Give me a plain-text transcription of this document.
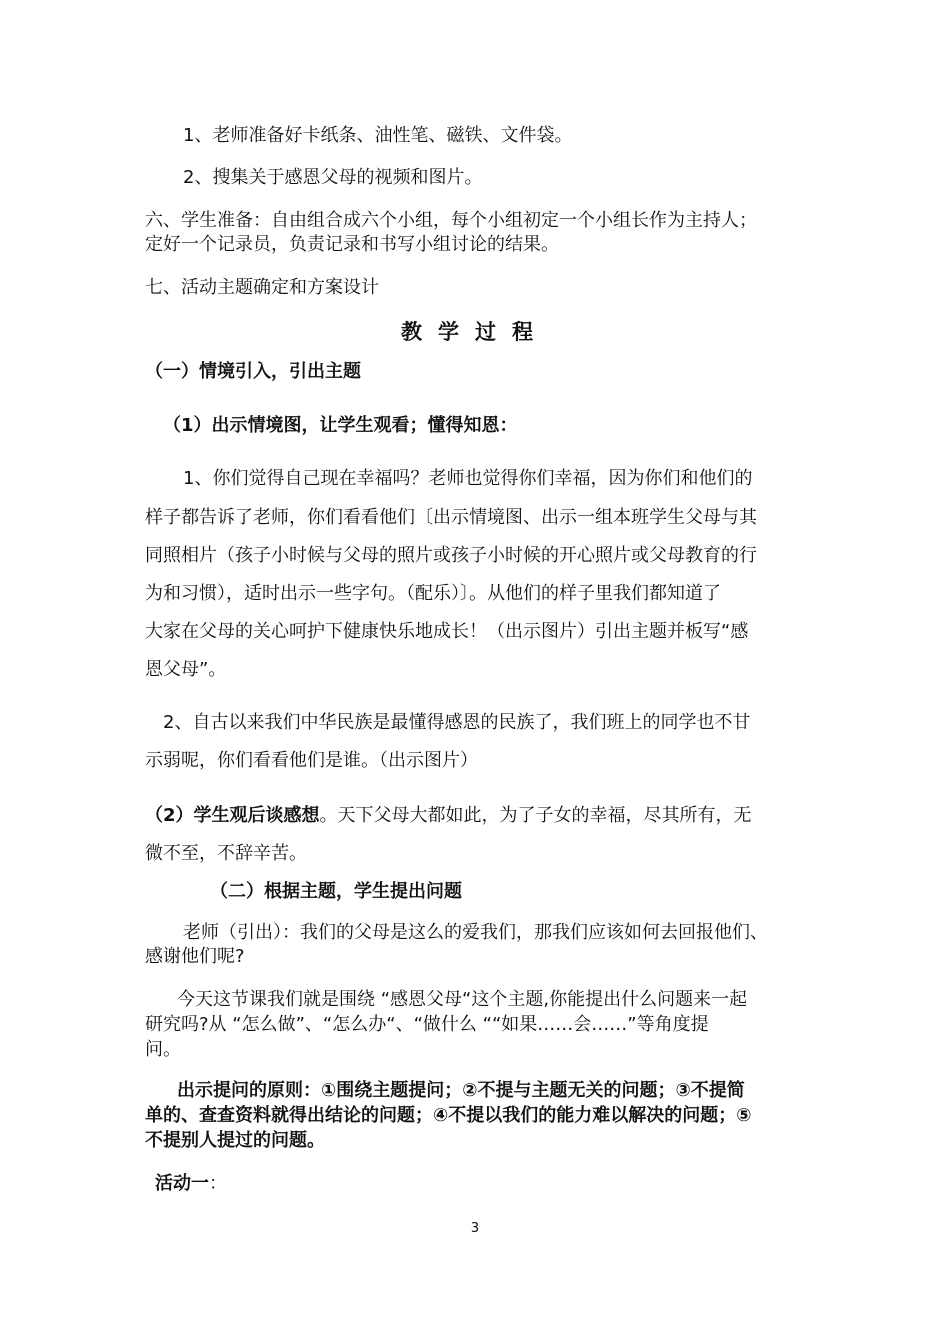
1、老师准备好卡纸条、油性笔、磁铁、文件袋。
2、搜集关于感恩父母的视频和图片。
六、学生准备：自由组合成六个小组，每个小组初定一个小组长作为主持人；
定好一个记录员，负责记录和书写小组讨论的结果。
七、活动主题确定和方案设计
教学过程
（一）情境引入，引出主题
（1）出示情境图，让学生观看；懂得知恩：
1、你们觉得自己现在幸福吗？老师也觉得你们幸福，因为你们和他们的
样子都告诉了老师，你们看看他们〔出示情境图、出示一组本班学生父母与其
同照相片（孩子小时候与父母的照片或孩子小时候的开心照片或父母教育的行
为和习惯），适时出示一些字句。（配乐）〕。从他们的样子里我们都知道了
大家在父母的关心呵护下健康快乐地成长！（出示图片）引出主题并板写“感
恩父母”。
2、自古以来我们中华民族是最懂得感恩的民族了，我们班上的同学也不甘
示弱呢，你们看看他们是谁。（出示图片）
（2）学生观后谈感想。天下父母大都如此，为了子女的幸福，尽其所有，无
微不至，不辞辛苦。
（二）根据主题，学生提出问题
老师（引出）：我们的父母是这么的爱我们，那我们应该如何去回报他们、
感谢他们呢?
今天这节课我们就是围绕 “感恩父母“这个主题,你能提出什么问题来一起
研究吗?从 “怎么做”、“怎么办“、“做什么 ““如果……会……”等角度提
问。
出示提问的原则：①围绕主题提问；②不提与主题无关的问题；③不提简
单的、查查资料就得出结论的问题；④不提以我们的能力难以解决的问题；⑤
不提别人提过的问题。
活动一：
3
